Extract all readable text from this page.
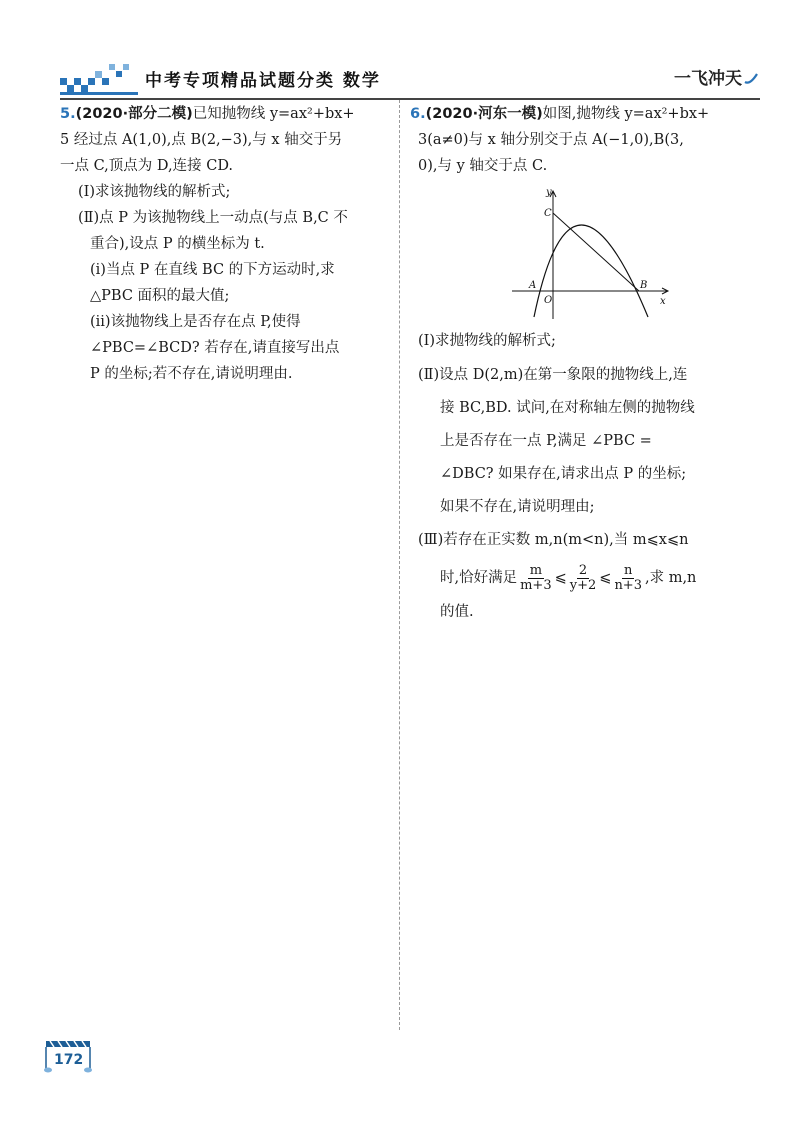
中考专项精品试题分类 数学	一飞冲天

5.(2020·部分二模)已知抛物线 y=ax²+bx+

5 经过点 A(1,0),点 B(2,−3),与 x 轴交于另

一点 C,顶点为 D,连接 CD.

(Ⅰ)求该抛物线的解析式;

(Ⅱ)点 P 为该抛物线上一动点(与点 B,C 不

重合),设点 P 的横坐标为 t.

(ⅰ)当点 P 在直线 BC 的下方运动时,求

△PBC 面积的最大值;

(ⅱ)该抛物线上是否存在点 P,使得

∠PBC=∠BCD? 若存在,请直接写出点

P 的坐标;若不存在,请说明理由.

6.(2020·河东一模)如图,抛物线 y=ax²+bx+

3(a≠0)与 x 轴分别交于点 A(−1,0),B(3,

0),与 y 轴交于点 C.

y
x
C
A
O
B

(Ⅰ)求抛物线的解析式;

(Ⅱ)设点 D(2,m)在第一象限的抛物线上,连

接 BC,BD. 试问,在对称轴左侧的抛物线

上是否存在一点 P,满足 ∠PBC =

∠DBC? 如果存在,请求出点 P 的坐标;

如果不存在,请说明理由;

(Ⅲ)若存在正实数 m,n(m<n),当 m⩽x⩽n

时,恰好满足 $\frac{m}{m+3}$ ⩽ $\frac{2}{y+2}$ ⩽ $\frac{n}{n+3}$ ,求 m,n

的值.

172
